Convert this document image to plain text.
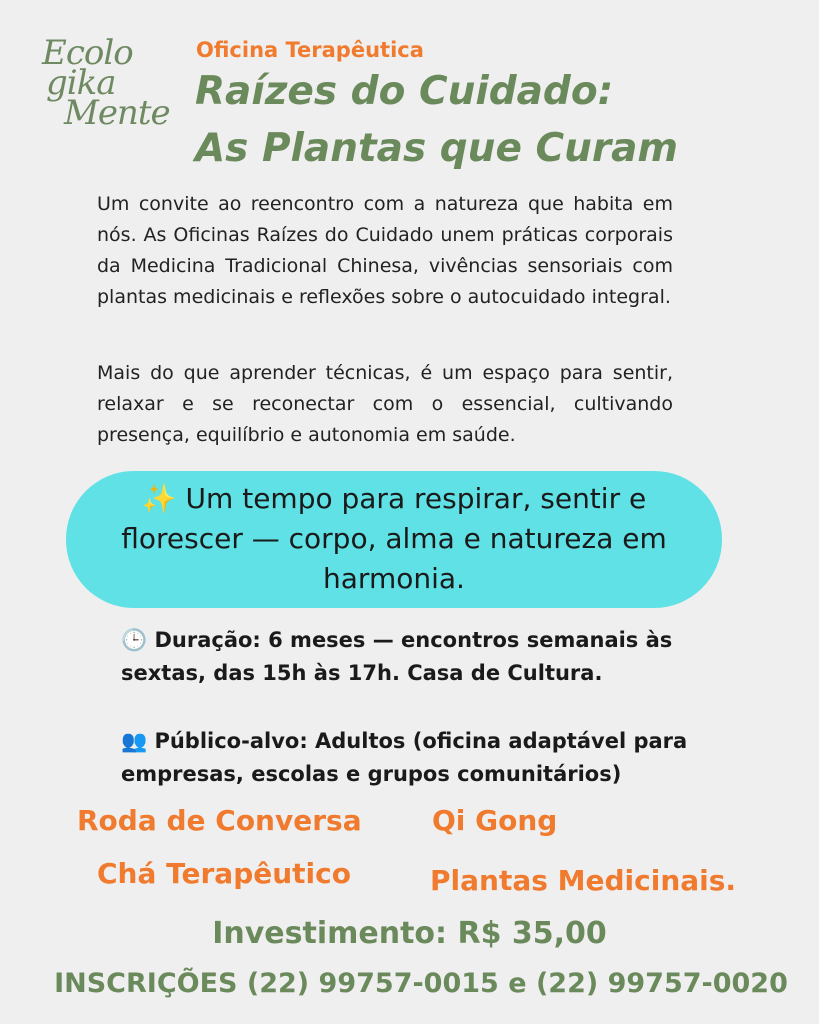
Ecolo
gika
Mente
Oficina Terapêutica
Raízes do Cuidado:
As Plantas que Curam
Um convite ao reencontro com a natureza que habita em nós. As Oficinas Raízes do Cuidado unem práticas corporais da Medicina Tradicional Chinesa, vivências sensoriais com plantas medicinais e reflexões sobre o autocuidado integral.
Mais do que aprender técnicas, é um espaço para sentir, relaxar e se reconectar com o essencial, cultivando presença, equilíbrio e autonomia em saúde.
✨ Um tempo para respirar, sentir e florescer — corpo, alma e natureza em harmonia.
🕒 Duração: 6 meses — encontros semanais às sextas, das 15h às 17h. Casa de Cultura.
👥 Público-alvo: Adultos (oficina adaptável para empresas, escolas e grupos comunitários)
Roda de Conversa	Qi Gong
Chá Terapêutico	Plantas Medicinais.
Investimento: R$ 35,00
INSCRIÇÕES (22) 99757-0015 e (22) 99757-0020
